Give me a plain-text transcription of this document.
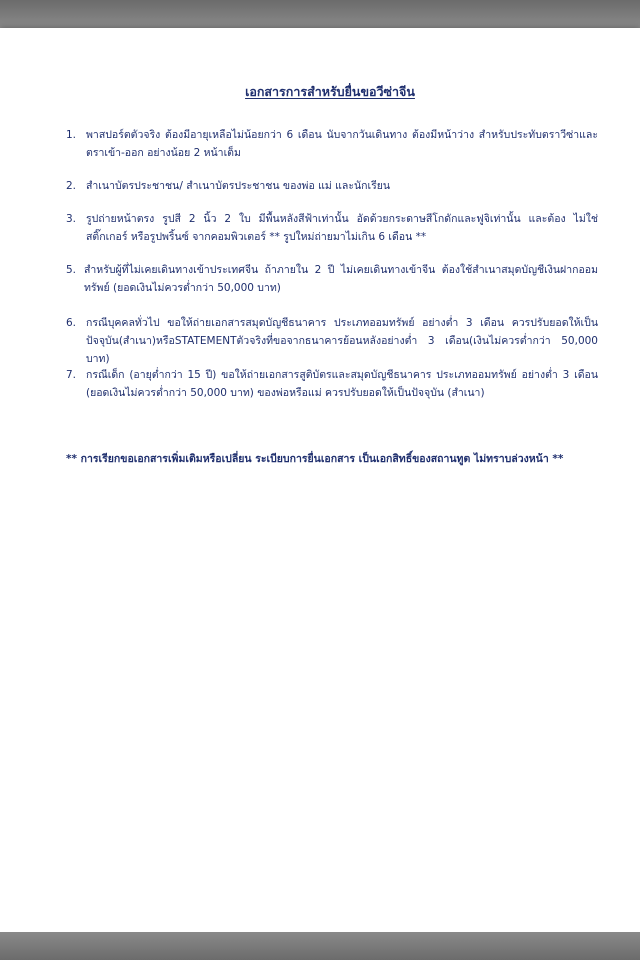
เอกสารการสำหรับยื่นขอวีซ่าจีน
1. พาสปอร์ตตัวจริง ต้องมีอายุเหลือไม่น้อยกว่า 6 เดือน นับจากวันเดินทาง ต้องมีหน้าว่าง สำหรับประทับตราวีซ่าและตราเข้า-ออก อย่างน้อย 2 หน้าเต็ม
2. สำเนาบัตรประชาชน/ สำเนาบัตรประชาชน ของพ่อ แม่ และนักเรียน
3. รูปถ่ายหน้าตรง รูปสี 2 นิ้ว 2 ใบ มีพื้นหลังสีฟ้าเท่านั้น อัดด้วยกระดาษสีโกดักและฟูจิเท่านั้น และต้อง ไม่ใช่สติ๊กเกอร์ หรือรูปพริ้นซ์ จากคอมพิวเตอร์ ** รูปใหม่ถ่ายมาไม่เกิน 6 เดือน **
5. สำหรับผู้ที่ไม่เคยเดินทางเข้าประเทศจีน ถ้าภายใน 2 ปี ไม่เคยเดินทางเข้าจีน ต้องใช้สำเนาสมุดบัญชีเงินฝากออมทรัพย์ (ยอดเงินไม่ควรต่ำกว่า 50,000 บาท)
6. กรณีบุคคลทั่วไป ขอให้ถ่ายเอกสารสมุดบัญชีธนาคาร ประเภทออมทรัพย์ อย่างต่ำ 3 เดือน ควรปรับยอดให้เป็นปัจจุบัน(สำเนา)หรือSTATEMENTตัวจริงที่ขอจากธนาคารย้อนหลังอย่างต่ำ 3 เดือน(เงินไม่ควรต่ำกว่า 50,000 บาท)
7. กรณีเด็ก (อายุต่ำกว่า 15 ปี) ขอให้ถ่ายเอกสารสูติบัตรและสมุดบัญชีธนาคาร ประเภทออมทรัพย์ อย่างต่ำ 3 เดือน (ยอดเงินไม่ควรต่ำกว่า 50,000 บาท) ของพ่อหรือแม่ ควรปรับยอดให้เป็นปัจจุบัน (สำเนา)
** การเรียกขอเอกสารเพิ่มเติมหรือเปลี่ยน ระเบียบการยื่นเอกสาร เป็นเอกสิทธิ์ของสถานทูต ไม่ทราบล่วงหน้า **
